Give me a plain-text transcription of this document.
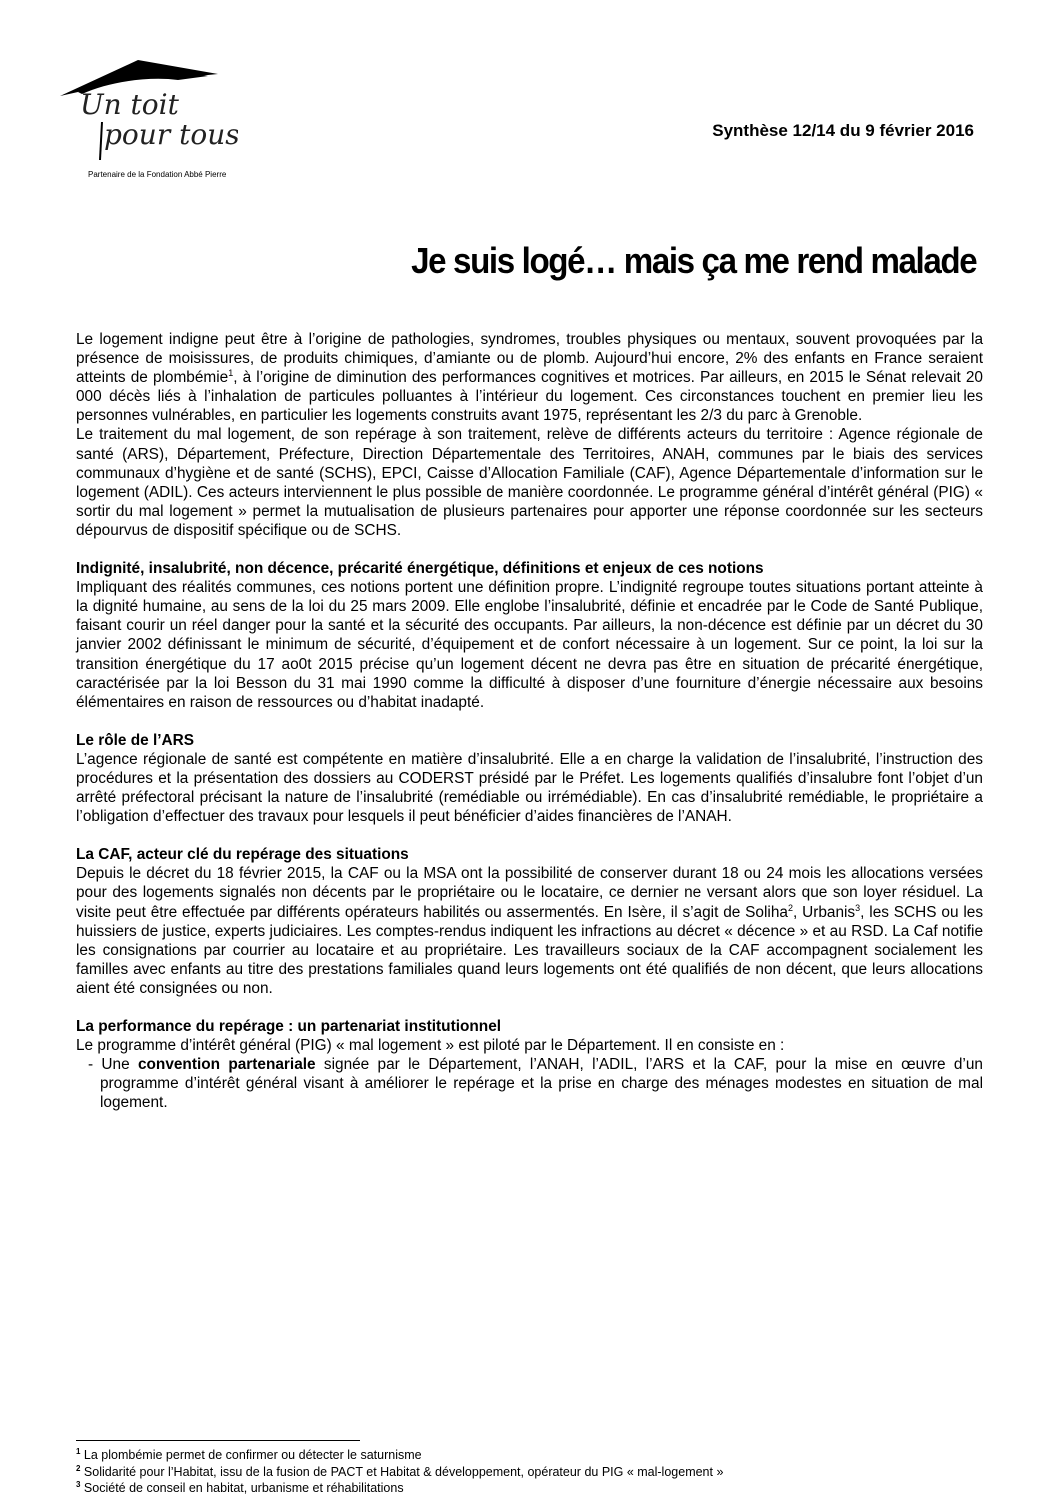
Un toit
pour tous
Partenaire de la Fondation Abbé Pierre
Synthèse 12/14 du 9 février 2016
Je suis logé… mais ça me rend malade

Le logement indigne peut être à l’origine de pathologies, syndromes, troubles physiques ou mentaux, souvent provoquées par la présence de moisissures, de produits chimiques, d’amiante ou de plomb. Aujourd’hui encore, 2% des enfants en France seraient atteints de plombémie$^1$, à l’origine de diminution des performances cognitives et motrices. Par ailleurs, en 2015 le Sénat relevait 20 000 décès liés à l’inhalation de particules polluantes à l’intérieur du logement. Ces circonstances touchent en premier lieu les personnes vulnérables, en particulier les logements construits avant 1975, représentant les 2/3 du parc à Grenoble.

Le traitement du mal logement, de son repérage à son traitement, relève de différents acteurs du territoire : Agence régionale de santé (ARS), Département, Préfecture, Direction Départementale des Territoires, ANAH, communes par le biais des services communaux d’hygiène et de santé (SCHS), EPCI, Caisse d’Allocation Familiale (CAF), Agence Départementale d’information sur le logement (ADIL). Ces acteurs interviennent le plus possible de manière coordonnée. Le programme général d’intérêt général (PIG) « sortir du mal logement » permet la mutualisation de plusieurs partenaires pour apporter une réponse coordonnée sur les secteurs dépourvus de dispositif spécifique ou de SCHS.

Indignité, insalubrité, non décence, précarité énergétique, définitions et enjeux de ces notions

Impliquant des réalités communes, ces notions portent une définition propre. L’indignité regroupe toutes situations portant atteinte à la dignité humaine, au sens de la loi du 25 mars 2009. Elle englobe l’insalubrité, définie et encadrée par le Code de Santé Publique, faisant courir un réel danger pour la santé et la sécurité des occupants. Par ailleurs, la non-décence est définie par un décret du 30 janvier 2002 définissant le minimum de sécurité, d’équipement et de confort nécessaire à un logement. Sur ce point, la loi sur la transition énergétique du 17 ao0t 2015 précise qu’un logement décent ne devra pas être en situation de précarité énergétique, caractérisée par la loi Besson du 31 mai 1990 comme la difficulté à disposer d’une fourniture d’énergie nécessaire aux besoins élémentaires en raison de ressources ou d’habitat inadapté.

Le rôle de l’ARS

L’agence régionale de santé est compétente en matière d’insalubrité. Elle a en charge la validation de l’insalubrité, l’instruction des procédures et la présentation des dossiers au CODERST présidé par le Préfet. Les logements qualifiés d’insalubre font l’objet d’un arrêté préfectoral précisant la nature de l’insalubrité (remédiable ou irrémédiable). En cas d’insalubrité remédiable, le propriétaire a l’obligation d’effectuer des travaux pour lesquels il peut bénéficier d’aides financières de l’ANAH.

La CAF, acteur clé du repérage des situations

Depuis le décret du 18 février 2015, la CAF ou la MSA ont la possibilité de conserver durant 18 ou 24 mois les allocations versées pour des logements signalés non décents par le propriétaire ou le locataire, ce dernier ne versant alors que son loyer résiduel. La visite peut être effectuée par différents opérateurs habilités ou assermentés. En Isère, il s’agit de Soliha$^2$, Urbanis$^3$, les SCHS ou les huissiers de justice, experts judiciaires. Les comptes-rendus indiquent les infractions au décret « décence » et au RSD. La Caf notifie les consignations par courrier au locataire et au propriétaire. Les travailleurs sociaux de la CAF accompagnent socialement les familles avec enfants au titre des prestations familiales quand leurs logements ont été qualifiés de non décent, que leurs allocations aient été consignées ou non.

La performance du repérage : un partenariat institutionnel

Le programme d’intérêt général (PIG) « mal logement » est piloté par le Département. Il en consiste en :

- Une convention partenariale signée par le Département, l’ANAH, l’ADIL, l’ARS et la CAF, pour la mise en œuvre d’un programme d’intérêt général visant à améliorer le repérage et la prise en charge des ménages modestes en situation de mal logement.

$^1$ La plombémie permet de confirmer ou détecter le saturnisme
$^2$ Solidarité pour l’Habitat, issu de la fusion de PACT et Habitat & développement, opérateur du PIG « mal-logement »
$^3$ Société de conseil en habitat, urbanisme et réhabilitations
